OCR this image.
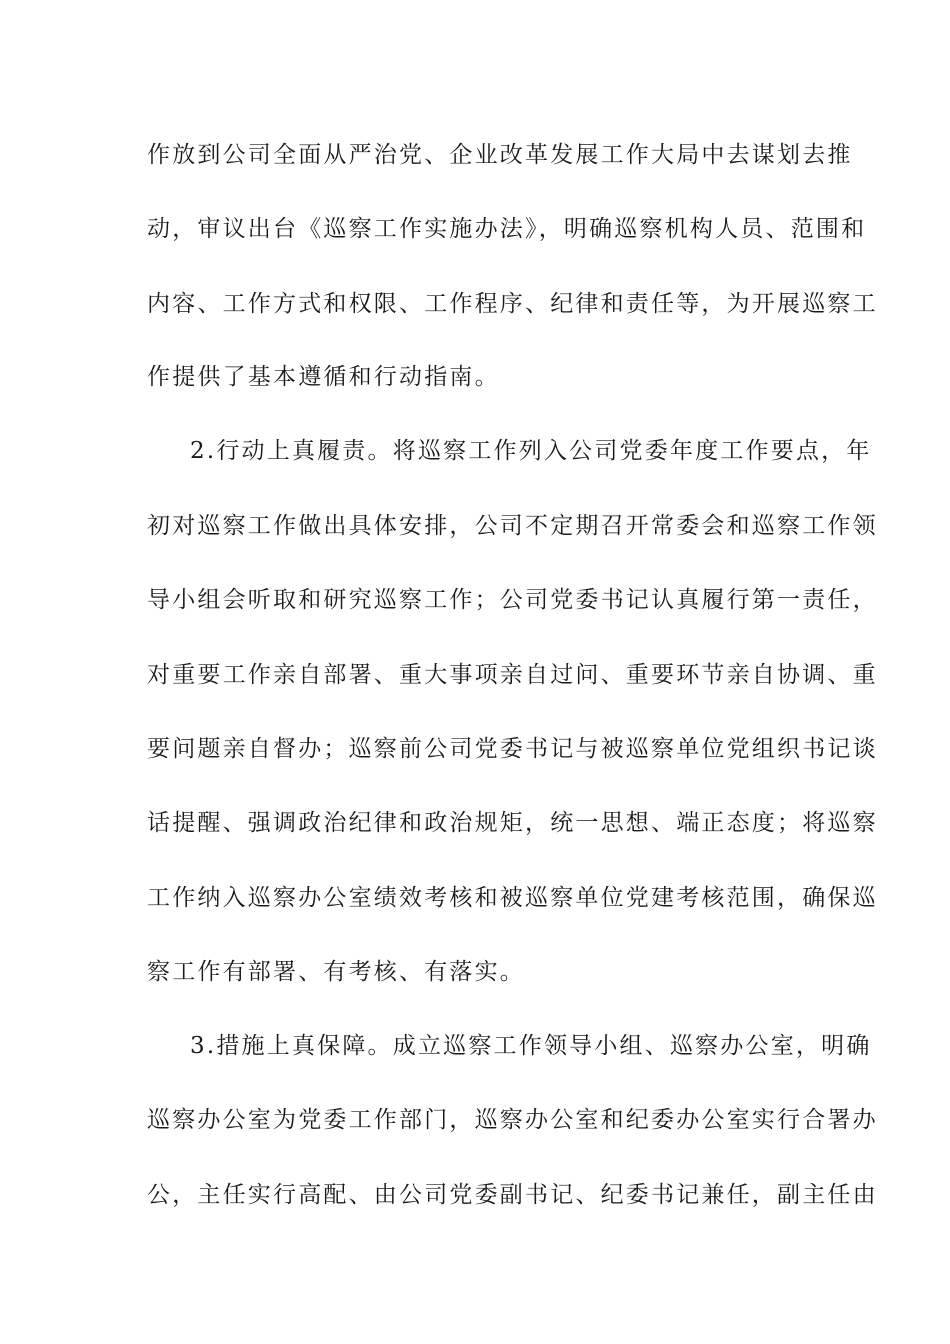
作放到公司全面从严治党、企业改革发展工作大局中去谋划去推
动，审议出台《巡察工作实施办法》，明确巡察机构人员、范围和
内容、工作方式和权限、工作程序、纪律和责任等，为开展巡察工
作提供了基本遵循和行动指南。
2.行动上真履责。将巡察工作列入公司党委年度工作要点，年
初对巡察工作做出具体安排，公司不定期召开常委会和巡察工作领
导小组会听取和研究巡察工作；公司党委书记认真履行第一责任，
对重要工作亲自部署、重大事项亲自过问、重要环节亲自协调、重
要问题亲自督办；巡察前公司党委书记与被巡察单位党组织书记谈
话提醒、强调政治纪律和政治规矩，统一思想、端正态度；将巡察
工作纳入巡察办公室绩效考核和被巡察单位党建考核范围，确保巡
察工作有部署、有考核、有落实。
3.措施上真保障。成立巡察工作领导小组、巡察办公室，明确
巡察办公室为党委工作部门，巡察办公室和纪委办公室实行合署办
公，主任实行高配、由公司党委副书记、纪委书记兼任，副主任由
